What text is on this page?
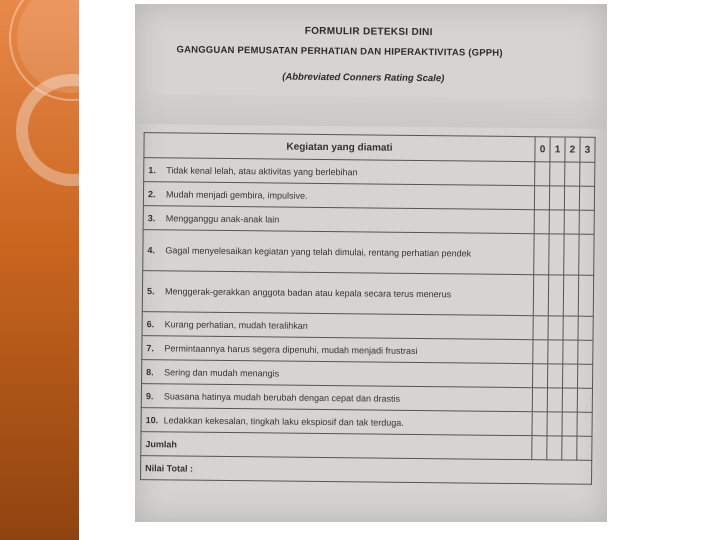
FORMULIR DETEKSI DINI
GANGGUAN PEMUSATAN PERHATIAN DAN HIPERAKTIVITAS (GPPH)
(Abbreviated Conners Rating Scale)
Kegiatan yang diamati	0	1	2	3
1. Tidak kenal lelah, atau aktivitas yang berlebihan				
2. Mudah menjadi gembira, impulsive.				
3. Mengganggu anak-anak lain				
4. Gagal menyelesaikan kegiatan yang telah dimulai, rentang perhatian pendek				
5. Menggerak-gerakkan anggota badan atau kepala secara terus menerus				
6. Kurang perhatian, mudah teralihkan				
7. Permintaannya harus segera dipenuhi, mudah menjadi frustrasi				
8. Sering dan mudah menangis				
9. Suasana hatinya mudah berubah dengan cepat dan drastis				
10. Ledakkan kekesalan, tingkah laku ekspiosif dan tak terduga.				
Jumlah				
Nilai Total :				
